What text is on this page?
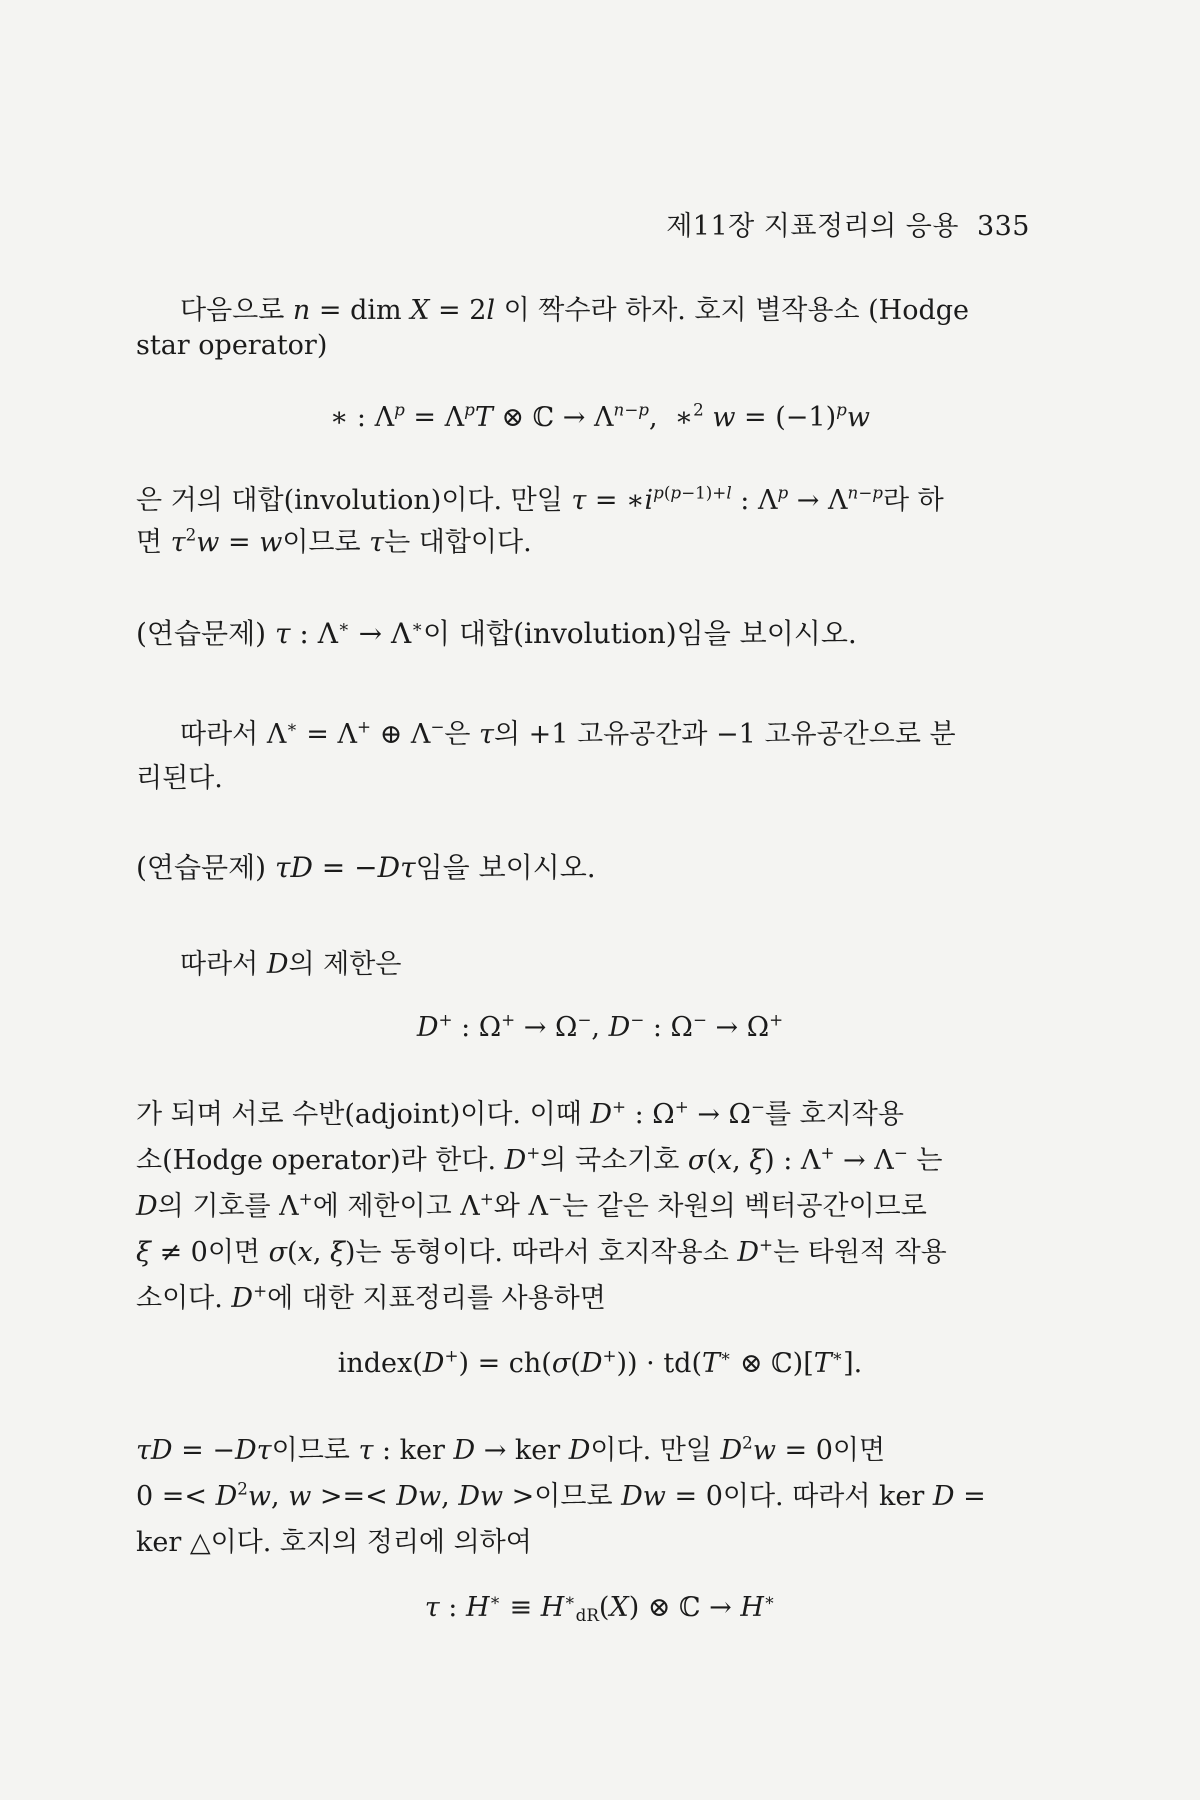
제11장 지표정리의 응용 335
다음으로 n = dim X = 2l 이 짝수라 하자. 호지 별작용소 (Hodge
star operator)
∗ : $\Lambda^p = \Lambda^pT$ ⊗ ℂ → $\Lambda^{n-p}$,  ∗$^2$ $w = (-1)^pw$
은 거의 대합(involution)이다. 만일 $\tau = ∗i^{p(p-1)+l}$ : $\Lambda^p \to \Lambda^{n-p}$라 하
면 $\tau^2w = w$이므로 τ는 대합이다.
(연습문제) τ : Λ∗ → Λ∗이 대합(involution)임을 보이시오.
따라서 Λ∗ = Λ+ ⊕ Λ−은 τ의 +1 고유공간과 −1 고유공간으로 분
리된다.
(연습문제) τD = −Dτ임을 보이시오.
따라서 D의 제한은
D+ : Ω+ → Ω−, D− : Ω− → Ω+
가 되며 서로 수반(adjoint)이다. 이때 D+ : Ω+ → Ω−를 호지작용
소(Hodge operator)라 한다. D+의 국소기호 σ(x, ξ) : Λ+ → Λ− 는
D의 기호를 Λ+에 제한이고 Λ+와 Λ−는 같은 차원의 벡터공간이므로
ξ ≠ 0이면 σ(x, ξ)는 동형이다. 따라서 호지작용소 D+는 타원적 작용
소이다. D+에 대한 지표정리를 사용하면
index(D+) = ch(σ(D+)) · td(T∗ ⊗ ℂ)[T∗].
τD = −Dτ이므로 τ : ker D → ker D이다. 만일 $D^2w = 0$이면
$0 =< D^2w$, w >=< Dw, Dw >이므로 Dw = 0이다. 따라서 ker D =
ker △이다. 호지의 정리에 의하여
τ : $H^∗ \equiv H^∗_{dR}(X)$ ⊗ ℂ → H∗
